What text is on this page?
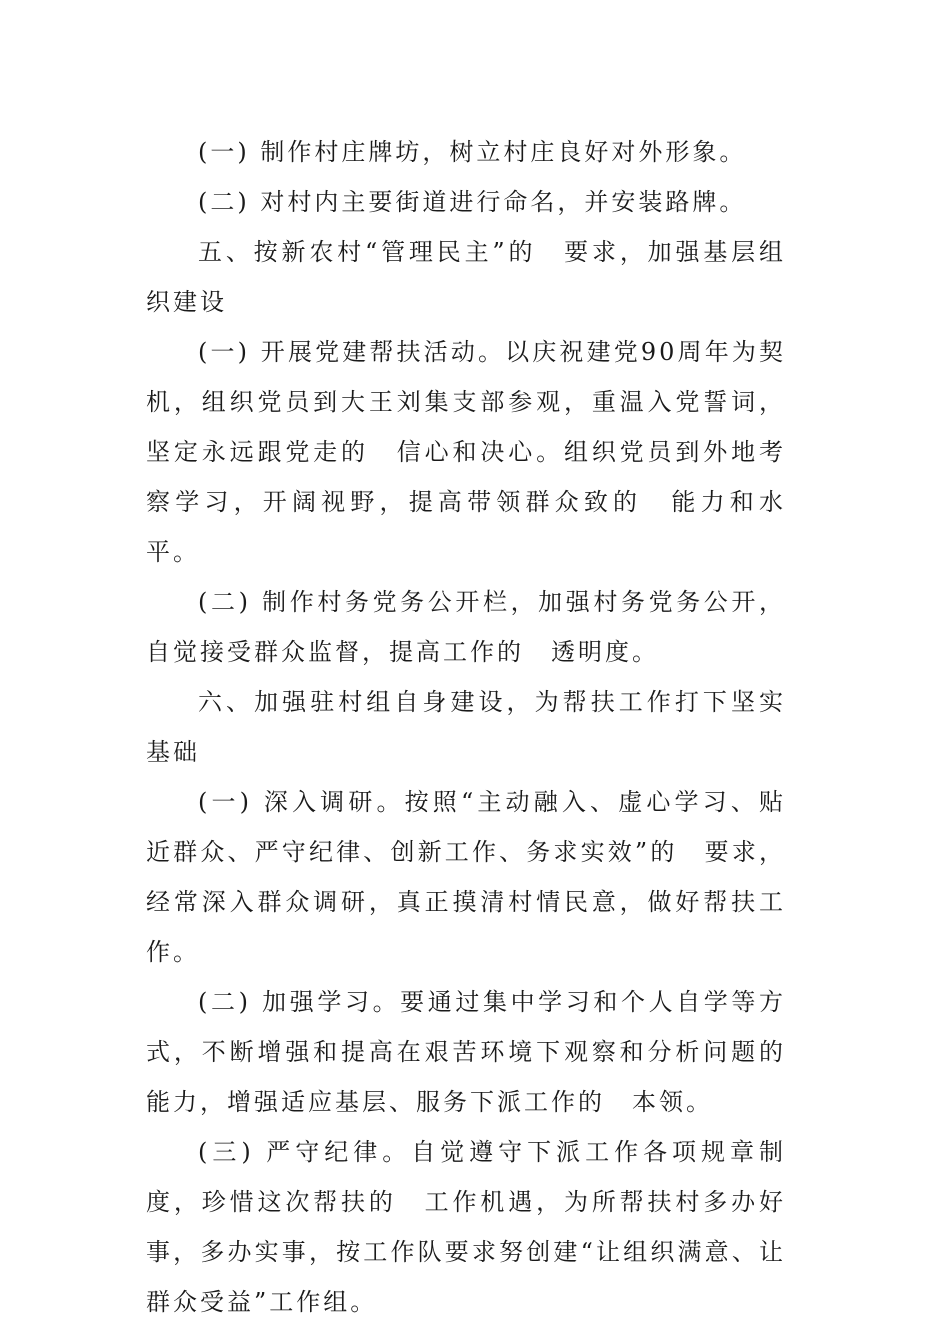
(一) 制作村庄牌坊，树立村庄良好对外形象。

(二) 对村内主要街道进行命名，并安装路牌。

五、按新农村“管理民主”的　要求，加强基层组织建设

(一) 开展党建帮扶活动。以庆祝建党90周年为契机，组织党员到大王刘集支部参观，重温入党誓词，坚定永远跟党走的　信心和决心。组织党员到外地考察学习，开阔视野，提高带领群众致的　能力和水平。

(二) 制作村务党务公开栏，加强村务党务公开，自觉接受群众监督，提高工作的　透明度。

六、加强驻村组自身建设，为帮扶工作打下坚实基础

(一) 深入调研。按照“主动融入、虚心学习、贴近群众、严守纪律、创新工作、务求实效”的　要求，经常深入群众调研，真正摸清村情民意，做好帮扶工作。

(二) 加强学习。要通过集中学习和个人自学等方式，不断增强和提高在艰苦环境下观察和分析问题的　能力，增强适应基层、服务下派工作的　本领。

(三) 严守纪律。自觉遵守下派工作各项规章制度，珍惜这次帮扶的　工作机遇，为所帮扶村多办好事，多办实事，按工作队要求努创建“让组织满意、让群众受益”工作组。
